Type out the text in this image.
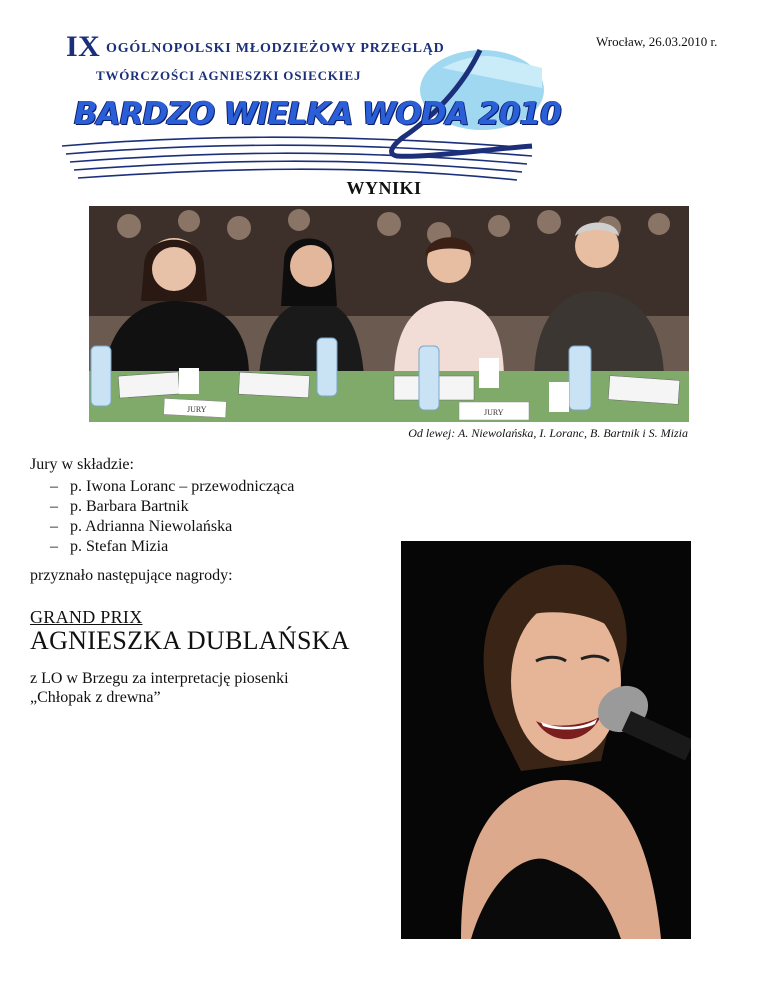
IX OGÓLNOPOLSKI MŁODZIEŻOWY PRZEGLĄD
TWÓRCZOŚCI AGNIESZKI OSIECKIEJ
BARDZO WIELKA WODA 2010
Wrocław, 26.03.2010 r.
WYNIKI
JURY	JURY
Od lewej: A. Niewolańska, I. Loranc, B. Bartnik i S. Mizia
Jury w składzie:
– p. Iwona Loranc – przewodnicząca
– p. Barbara Bartnik
– p. Adrianna Niewolańska
– p. Stefan Mizia
przyznało następujące nagrody:
GRAND PRIX
AGNIESZKA DUBLAŃSKA
z LO w Brzegu za interpretację piosenki
„Chłopak z drewna”
